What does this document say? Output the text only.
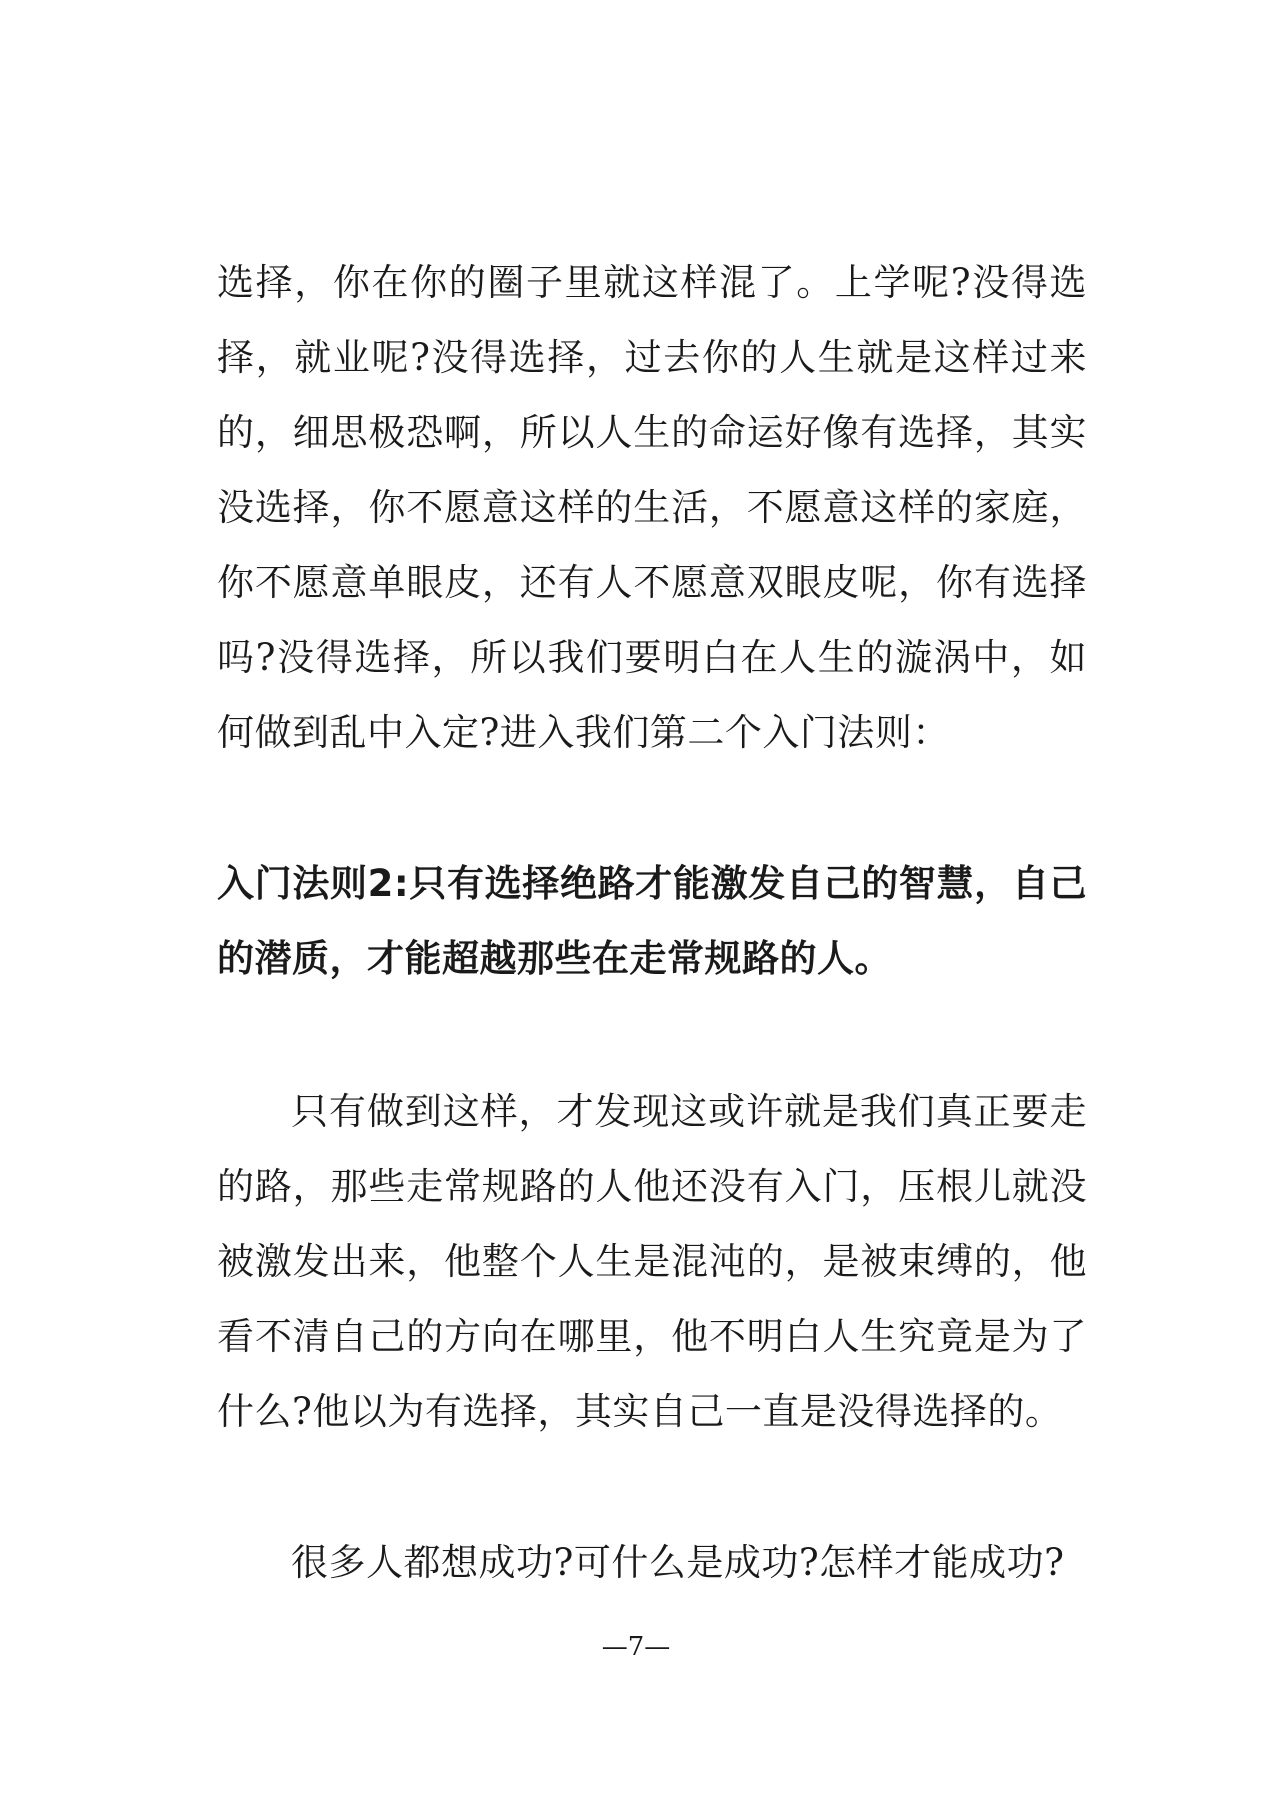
选择，你在你的圈子里就这样混了。上学呢?没得选择，就业呢?没得选择，过去你的人生就是这样过来的，细思极恐啊，所以人生的命运好像有选择，其实没选择，你不愿意这样的生活，不愿意这样的家庭，你不愿意单眼皮，还有人不愿意双眼皮呢，你有选择吗?没得选择，所以我们要明白在人生的漩涡中，如何做到乱中入定?进入我们第二个入门法则：

入门法则2:只有选择绝路才能激发自己的智慧，自己的潜质，才能超越那些在走常规路的人。

只有做到这样，才发现这或许就是我们真正要走的路，那些走常规路的人他还没有入门，压根儿就没被激发出来，他整个人生是混沌的，是被束缚的，他看不清自己的方向在哪里，他不明白人生究竟是为了什么?他以为有选择，其实自己一直是没得选择的。

很多人都想成功?可什么是成功?怎样才能成功?

—7—
